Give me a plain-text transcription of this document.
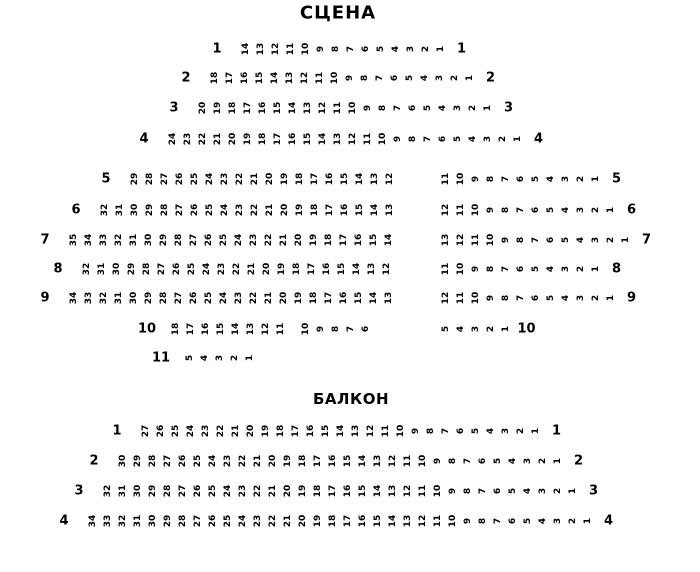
СЦЕНА
1	14 13 12 11 10 9 8 7 6 5 4 3 2 1 1
2	18 17 16 15 14 13 12 11 10 9 8 7 6 5 4 3 2 1 2
3	20 19 18 17 16 15 14 13 12 11 10 9 8 7 6 5 4 3 2 1 3
4	24 23 22 21 20 19 18 17 16 15 14 13 12 11 10 9 8 7 6 5 4 3 2 1 4
5	29 28 27 26 25 24 23 22 21 20 19 18 17 16 15 14 13 12	11 10 9 8 7 6 5 4 3 2 1 5
6	32 31 30 29 28 27 26 25 24 23 22 21 20 19 18 17 16 15 14 13	12 11 10 9 8 7 6 5 4 3 2 1 6
7	35 34 33 32 31 30 29 28 27 26 25 24 23 22 21 20 19 18 17 16 15 14	13 12 11 10 9 8 7 6 5 4 3 2 1 7
8	32 31 30 29 28 27 26 25 24 23 22 21 20 19 18 17 16 15 14 13 12	11 10 9 8 7 6 5 4 3 2 1 8
9	34 33 32 31 30 29 28 27 26 25 24 23 22 21 20 19 18 17 16 15 14 13	12 11 10 9 8 7 6 5 4 3 2 1 9
10	18 17 16 15 14 13 12 11	10 9 8 7 6	5 4 3 2 1 10
11	5 4 3 2 1
БАЛКОН
1	27 26 25 24 23 22 21 20 19 18 17 16 15 14 13 12 11 10 9 8 7 6 5 4 3 2 1 1
2	30 29 28 27 26 25 24 23 22 21 20 19 18 17 16 15 14 13 12 11 10 9 8 7 6 5 4 3 2 1 2
3	32 31 30 29 28 27 26 25 24 23 22 21 20 19 18 17 16 15 14 13 12 11 10 9 8 7 6 5 4 3 2 1 3
4	34 33 32 31 30 29 28 27 26 25 24 23 22 21 20 19 18 17 16 15 14 13 12 11 10 9 8 7 6 5 4 3 2 1 4
